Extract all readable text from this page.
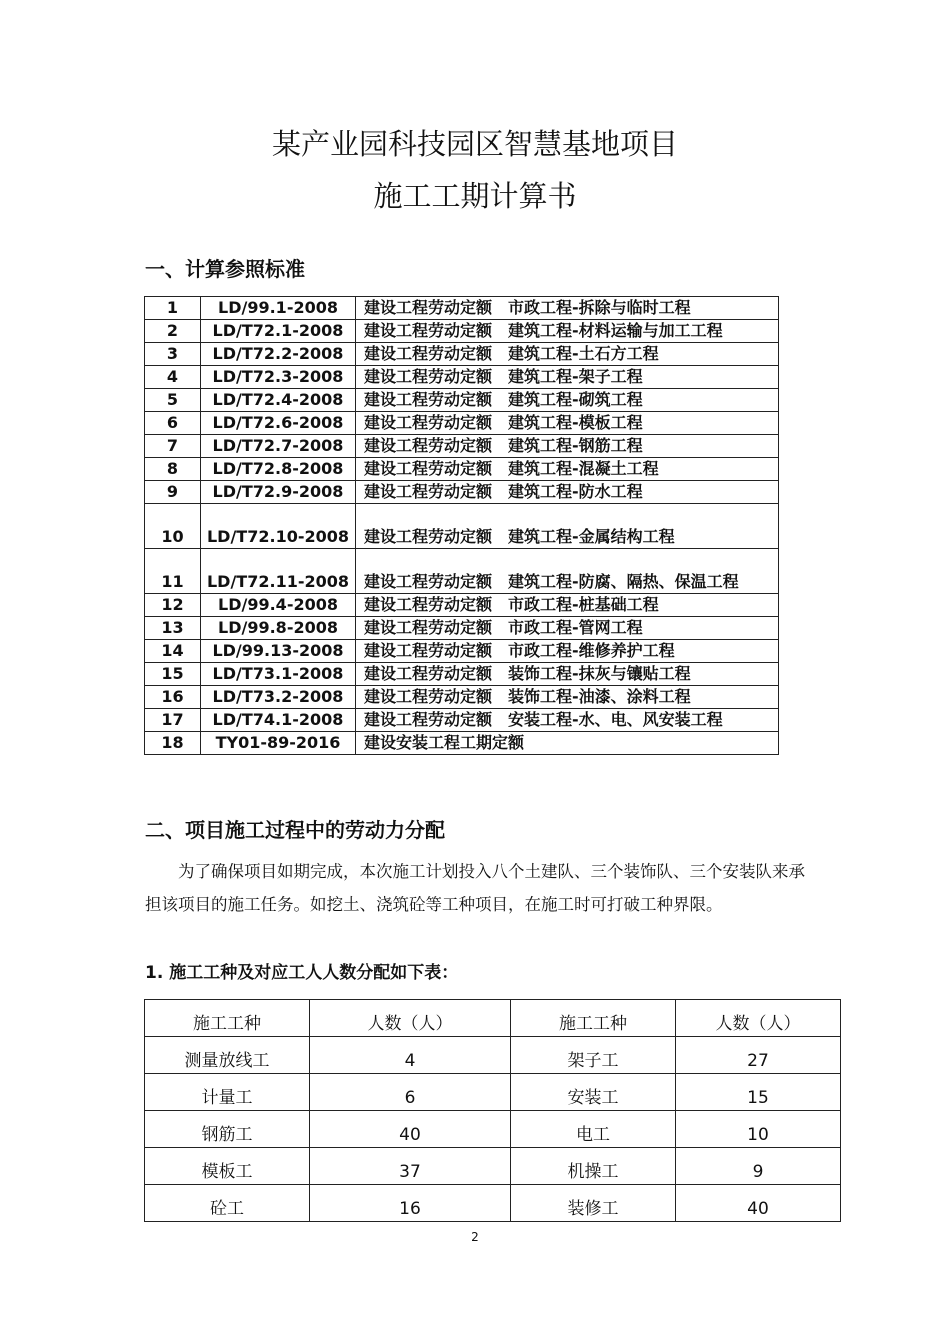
某产业园科技园区智慧基地项目
施工工期计算书
一、计算参照标准
1	LD/99.1-2008	建设工程劳动定额　市政工程-拆除与临时工程
2	LD/T72.1-2008	建设工程劳动定额　建筑工程-材料运输与加工工程
3	LD/T72.2-2008	建设工程劳动定额　建筑工程-土石方工程
4	LD/T72.3-2008	建设工程劳动定额　建筑工程-架子工程
5	LD/T72.4-2008	建设工程劳动定额　建筑工程-砌筑工程
6	LD/T72.6-2008	建设工程劳动定额　建筑工程-模板工程
7	LD/T72.7-2008	建设工程劳动定额　建筑工程-钢筋工程
8	LD/T72.8-2008	建设工程劳动定额　建筑工程-混凝土工程
9	LD/T72.9-2008	建设工程劳动定额　建筑工程-防水工程
10	LD/T72.10-2008	建设工程劳动定额　建筑工程-金属结构工程
11	LD/T72.11-2008	建设工程劳动定额　建筑工程-防腐、隔热、保温工程
12	LD/99.4-2008	建设工程劳动定额　市政工程-桩基础工程
13	LD/99.8-2008	建设工程劳动定额　市政工程-管网工程
14	LD/99.13-2008	建设工程劳动定额　市政工程-维修养护工程
15	LD/T73.1-2008	建设工程劳动定额　装饰工程-抹灰与镶贴工程
16	LD/T73.2-2008	建设工程劳动定额　装饰工程-油漆、涂料工程
17	LD/T74.1-2008	建设工程劳动定额　安装工程-水、电、风安装工程
18	TY01-89-2016	建设安装工程工期定额
二、项目施工过程中的劳动力分配
为了确保项目如期完成，本次施工计划投入八个土建队、三个装饰队、三个安装队来承担该项目的施工任务。如挖土、浇筑砼等工种项目，在施工时可打破工种界限。
1. 施工工种及对应工人人数分配如下表：
施工工种	人数（人）	施工工种	人数（人）
测量放线工	4	架子工	27
计量工	6	安装工	15
钢筋工	40	电工	10
模板工	37	机操工	9
砼工	16	装修工	40
2
